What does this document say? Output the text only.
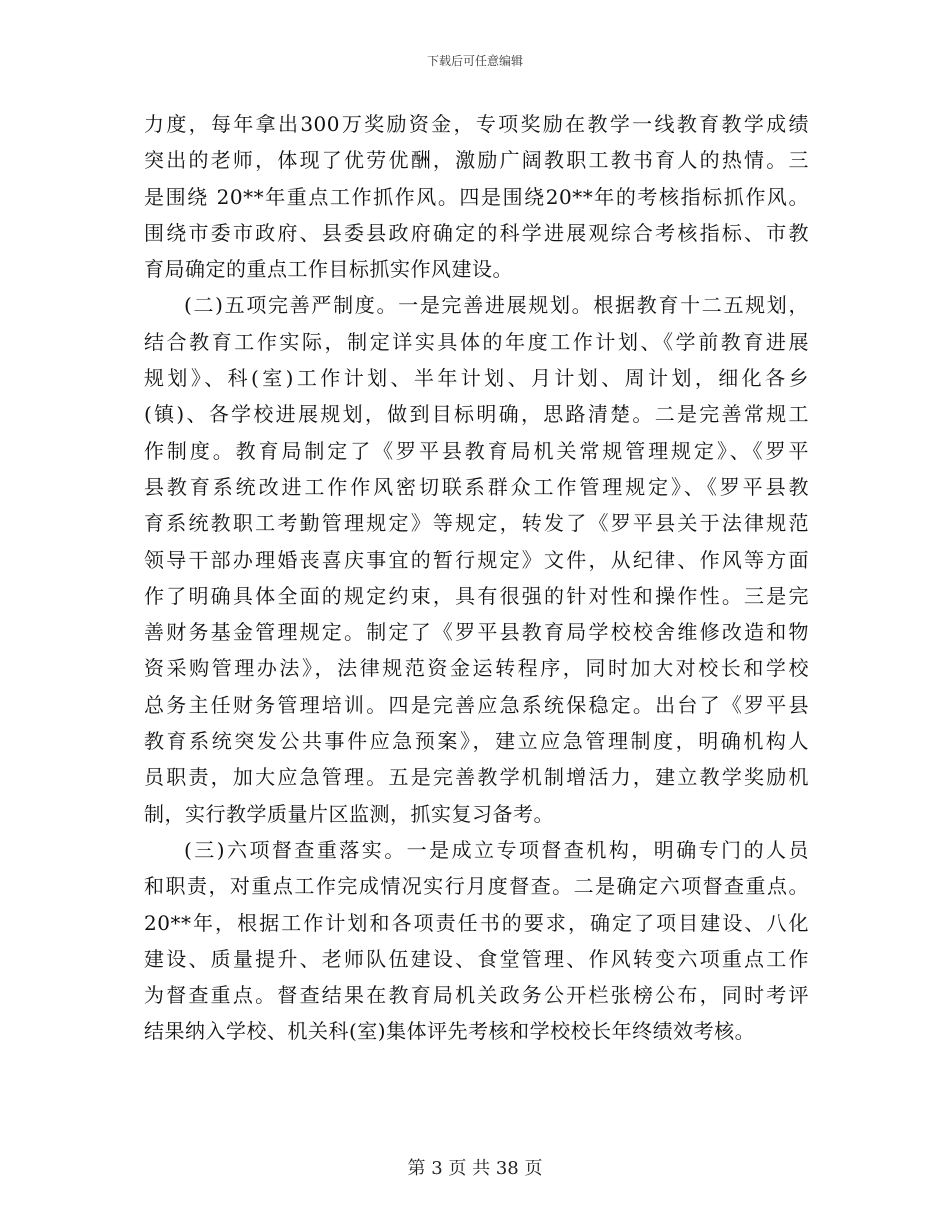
下载后可任意编辑
力度，每年拿出300万奖励资金，专项奖励在教学一线教育教学成绩
突出的老师，体现了优劳优酬，激励广阔教职工教书育人的热情。三
是围绕 20**年重点工作抓作风。四是围绕20**年的考核指标抓作风。
围绕市委市政府、县委县政府确定的科学进展观综合考核指标、市教
育局确定的重点工作目标抓实作风建设。
(二)五项完善严制度。一是完善进展规划。根据教育十二五规划，
结合教育工作实际，制定详实具体的年度工作计划、《学前教育进展
规划》、科(室)工作计划、半年计划、月计划、周计划，细化各乡
(镇)、各学校进展规划，做到目标明确，思路清楚。二是完善常规工
作制度。教育局制定了《罗平县教育局机关常规管理规定》、《罗平
县教育系统改进工作作风密切联系群众工作管理规定》、《罗平县教
育系统教职工考勤管理规定》等规定，转发了《罗平县关于法律规范
领导干部办理婚丧喜庆事宜的暂行规定》文件，从纪律、作风等方面
作了明确具体全面的规定约束，具有很强的针对性和操作性。三是完
善财务基金管理规定。制定了《罗平县教育局学校校舍维修改造和物
资采购管理办法》，法律规范资金运转程序，同时加大对校长和学校
总务主任财务管理培训。四是完善应急系统保稳定。出台了《罗平县
教育系统突发公共事件应急预案》，建立应急管理制度，明确机构人
员职责，加大应急管理。五是完善教学机制增活力，建立教学奖励机
制，实行教学质量片区监测，抓实复习备考。
(三)六项督查重落实。一是成立专项督查机构，明确专门的人员
和职责，对重点工作完成情况实行月度督查。二是确定六项督查重点。
20**年，根据工作计划和各项责任书的要求，确定了项目建设、八化
建设、质量提升、老师队伍建设、食堂管理、作风转变六项重点工作
为督查重点。督查结果在教育局机关政务公开栏张榜公布，同时考评
结果纳入学校、机关科(室)集体评先考核和学校校长年终绩效考核。
第 3 页 共 38 页
